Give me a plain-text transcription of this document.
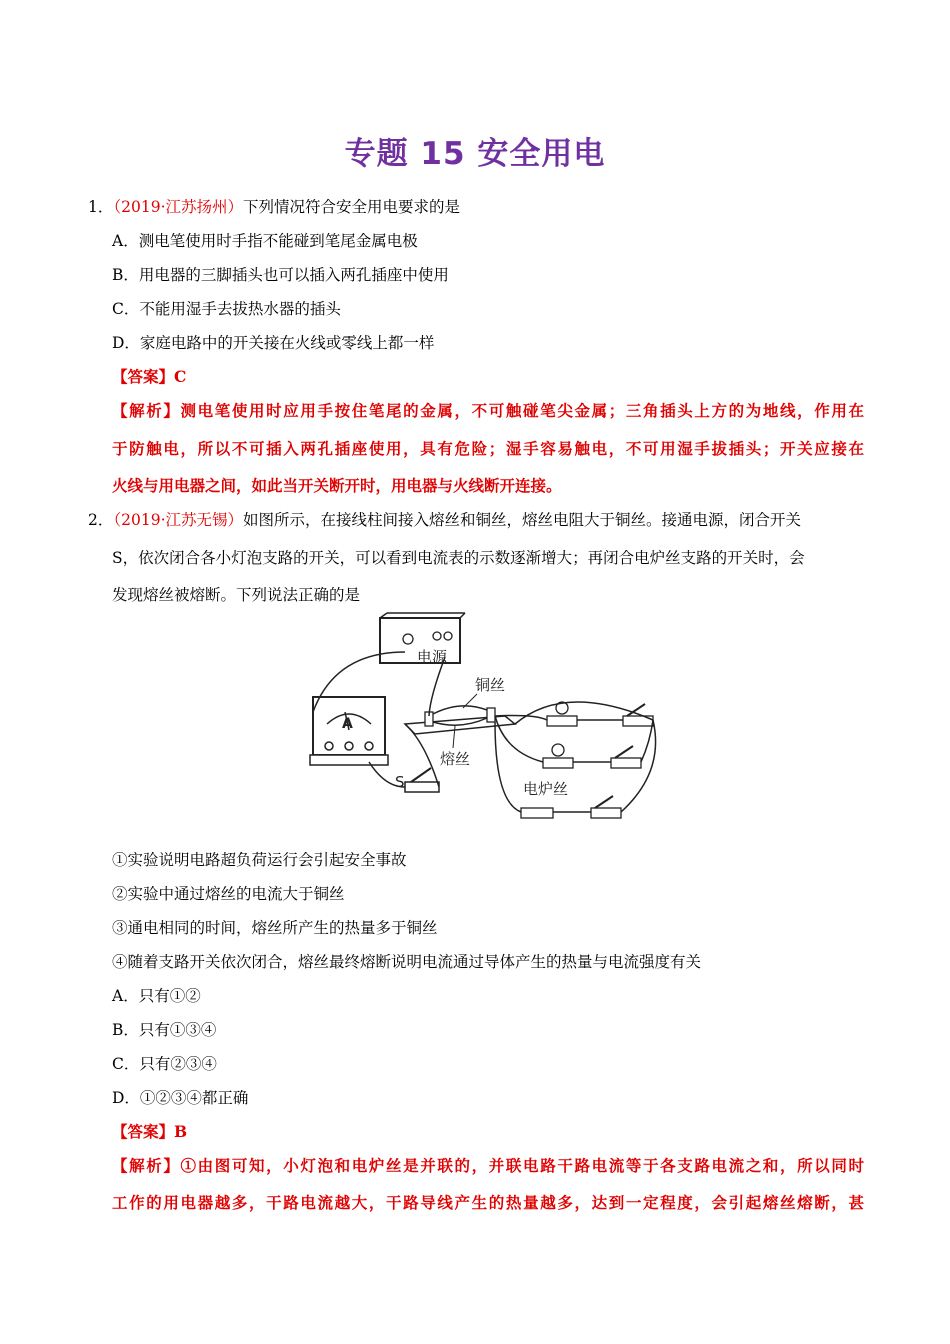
专题 15 安全用电
1．（2019·江苏扬州）下列情况符合安全用电要求的是
A．测电笔使用时手指不能碰到笔尾金属电极
B．用电器的三脚插头也可以插入两孔插座中使用
C．不能用湿手去拔热水器的插头
D．家庭电路中的开关接在火线或零线上都一样
【答案】C
【解析】测电笔使用时应用手按住笔尾的金属，不可触碰笔尖金属；三角插头上方的为地线，作用在
于防触电，所以不可插入两孔插座使用，具有危险；湿手容易触电，不可用湿手拔插头；开关应接在
火线与用电器之间，如此当开关断开时，用电器与火线断开连接。
2．（2019·江苏无锡）如图所示，在接线柱间接入熔丝和铜丝，熔丝电阻大于铜丝。接通电源，闭合开关
S，依次闭合各小灯泡支路的开关，可以看到电流表的示数逐渐增大；再闭合电炉丝支路的开关时，会
发现熔丝被熔断。下列说法正确的是
电源
A
铜丝
熔丝
S	电炉丝
①实验说明电路超负荷运行会引起安全事故
②实验中通过熔丝的电流大于铜丝
③通电相同的时间，熔丝所产生的热量多于铜丝
④随着支路开关依次闭合，熔丝最终熔断说明电流通过导体产生的热量与电流强度有关
A．只有①②
B．只有①③④
C．只有②③④
D．①②③④都正确
【答案】B
【解析】①由图可知，小灯泡和电炉丝是并联的，并联电路干路电流等于各支路电流之和，所以同时
工作的用电器越多，干路电流越大，干路导线产生的热量越多，达到一定程度，会引起熔丝熔断，甚
